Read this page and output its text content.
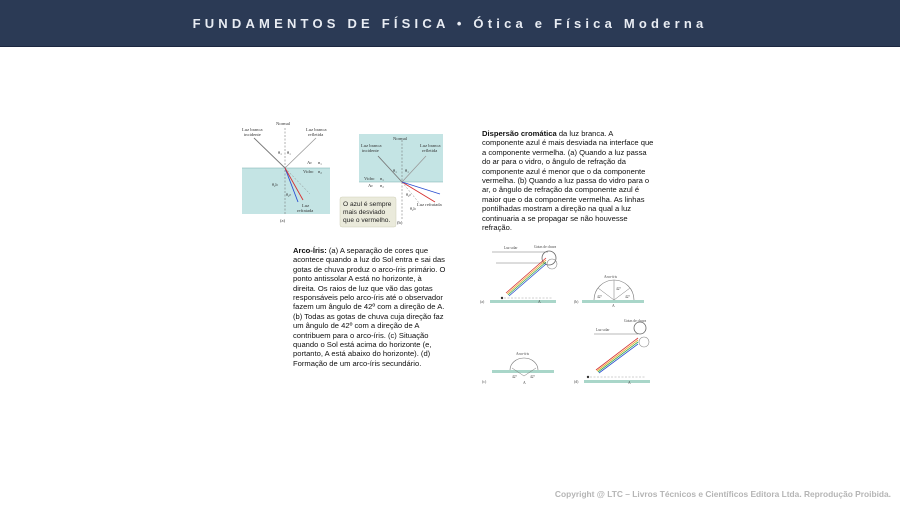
FUNDAMENTOS DE FÍSICA • Ótica e Física Moderna
Normal
Luz branca
incidente
Luz branca
refletida
θ₁ θ₁
Ar n₁
Vidro n₂
θ₂b
θ₂r
Luz
refratada
(a)
Normal
Luz branca
incidente
Luz branca
refletida
θ₁ θ₁
Vidro n₁
Ar n₂
θ₂r
θ₂b
Luz refratada
(b)
O azul é sempre
mais desviado
que o vermelho.
Dispersão cromática da luz branca. A
componente azul é mais desviada na interface que
a componente vermelha. (a) Quando a luz passa
do ar para o vidro, o ângulo de refração da
componente azul é menor que o da componente
vermelha. (b) Quando a luz passa do vidro para o
ar, o ângulo de refração da componente azul é
maior que o da componente vermelha. As linhas
pontilhadas mostram a direção na qual a luz
continuaria a se propagar se não houvesse
refração.
Arco-Íris: (a) A separação de cores que
acontece quando a luz do Sol entra e sai das
gotas de chuva produz o arco-íris primário. O
ponto antissolar A está no horizonte, à
direita. Os raios de luz que vão das gotas
responsáveis pelo arco-íris até o observador
fazem um ângulo de 42º com a direção de A.
(b) Todas as gotas de chuva cuja direção faz
um ângulo de 42º com a direção de A
contribuem para o arco-íris. (c) Situação
quando o Sol está acima do horizonte (e,
portanto, A está abaixo do horizonte). (d)
Formação de um arco-íris secundário.
Luz solar	Gotas de chuva
(a)	A
Arco-íris
42°
42°	42°
(b)
A
Arco-íris
42°	42°
(c)	A
Luz solar
Gotas de chuva
(d)	A
Copyright @ LTC – Livros Técnicos e Científicos Editora Ltda. Reprodução Proibida.
